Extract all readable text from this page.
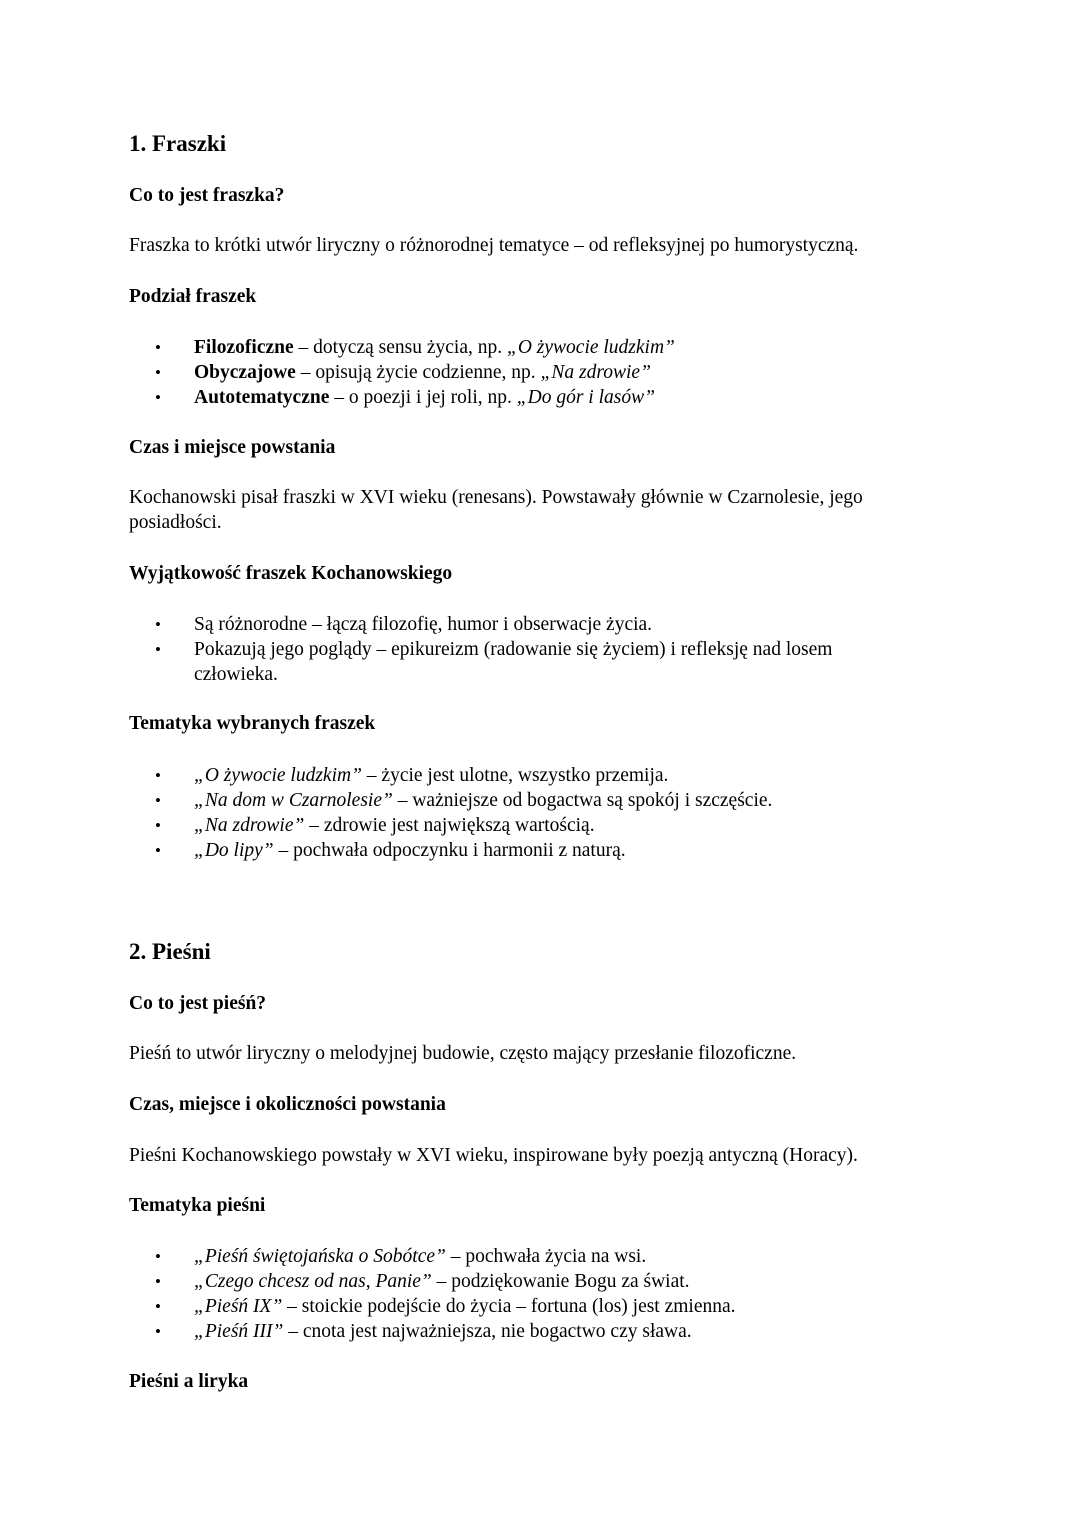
1. Fraszki
Co to jest fraszka?

Fraszka to krótki utwór liryczny o różnorodnej tematyce – od refleksyjnej po humorystyczną.

Podział fraszek
• Filozoficzne – dotyczą sensu życia, np. „O żywocie ludzkim”
• Obyczajowe – opisują życie codzienne, np. „Na zdrowie”
• Autotematyczne – o poezji i jej roli, np. „Do gór i lasów”
Czas i miejsce powstania

Kochanowski pisał fraszki w XVI wieku (renesans). Powstawały głównie w Czarnolesie, jego posiadłości.

Wyjątkowość fraszek Kochanowskiego
• Są różnorodne – łączą filozofię, humor i obserwacje życia.
• Pokazują jego poglądy – epikureizm (radowanie się życiem) i refleksję nad losem człowieka.
Tematyka wybranych fraszek
• „O żywocie ludzkim” – życie jest ulotne, wszystko przemija.
• „Na dom w Czarnolesie” – ważniejsze od bogactwa są spokój i szczęście.
• „Na zdrowie” – zdrowie jest największą wartością.
• „Do lipy” – pochwała odpoczynku i harmonii z naturą.
2. Pieśni
Co to jest pieśń?

Pieśń to utwór liryczny o melodyjnej budowie, często mający przesłanie filozoficzne.

Czas, miejsce i okoliczności powstania

Pieśni Kochanowskiego powstały w XVI wieku, inspirowane były poezją antyczną (Horacy).

Tematyka pieśni
• „Pieśń świętojańska o Sobótce” – pochwała życia na wsi.
• „Czego chcesz od nas, Panie” – podziękowanie Bogu za świat.
• „Pieśń IX” – stoickie podejście do życia – fortuna (los) jest zmienna.
• „Pieśń III” – cnota jest najważniejsza, nie bogactwo czy sława.
Pieśni a liryka
